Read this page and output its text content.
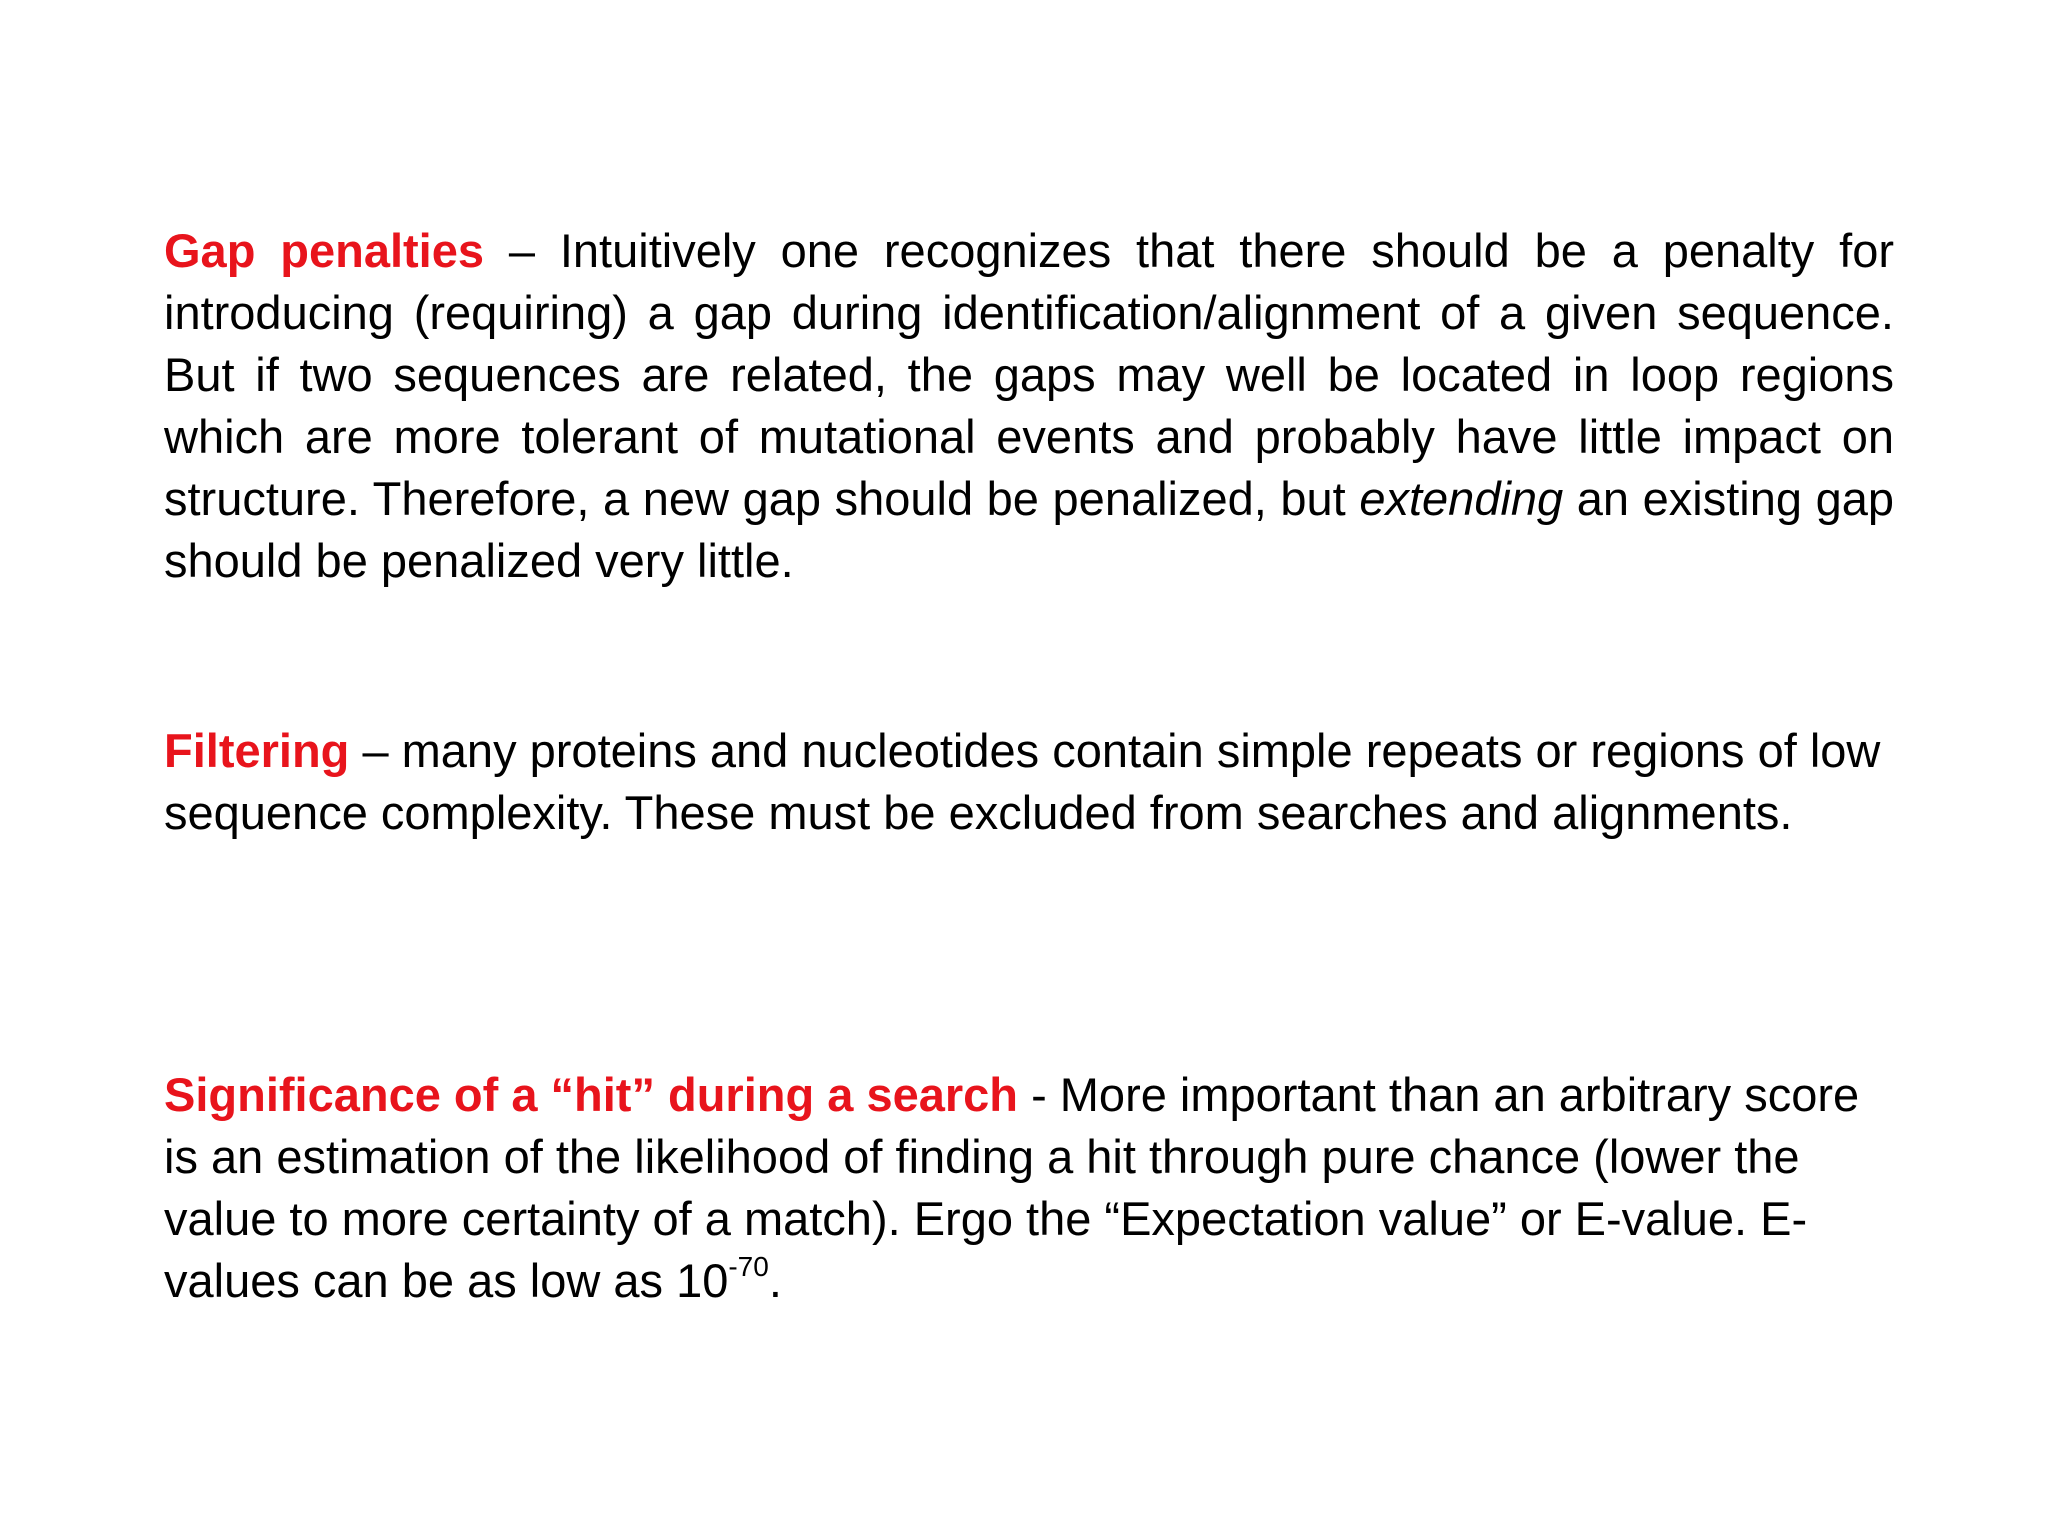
Gap penalties – Intuitively one recognizes that there should be a penalty for introducing (requiring) a gap during identification/alignment of a given sequence. But if two sequences are related, the gaps may well be located in loop regions which are more tolerant of mutational events and probably have little impact on structure. Therefore, a new gap should be penalized, but extending an existing gap should be penalized very little.

Filtering – many proteins and nucleotides contain simple repeats or regions of low sequence complexity. These must be excluded from searches and alignments.

Significance of a “hit” during a search - More important than an arbitrary score is an estimation of the likelihood of finding a hit through pure chance (lower the value to more certainty of a match). Ergo the “Expectation value” or E-value. E-values can be as low as $10^{-70}$.
